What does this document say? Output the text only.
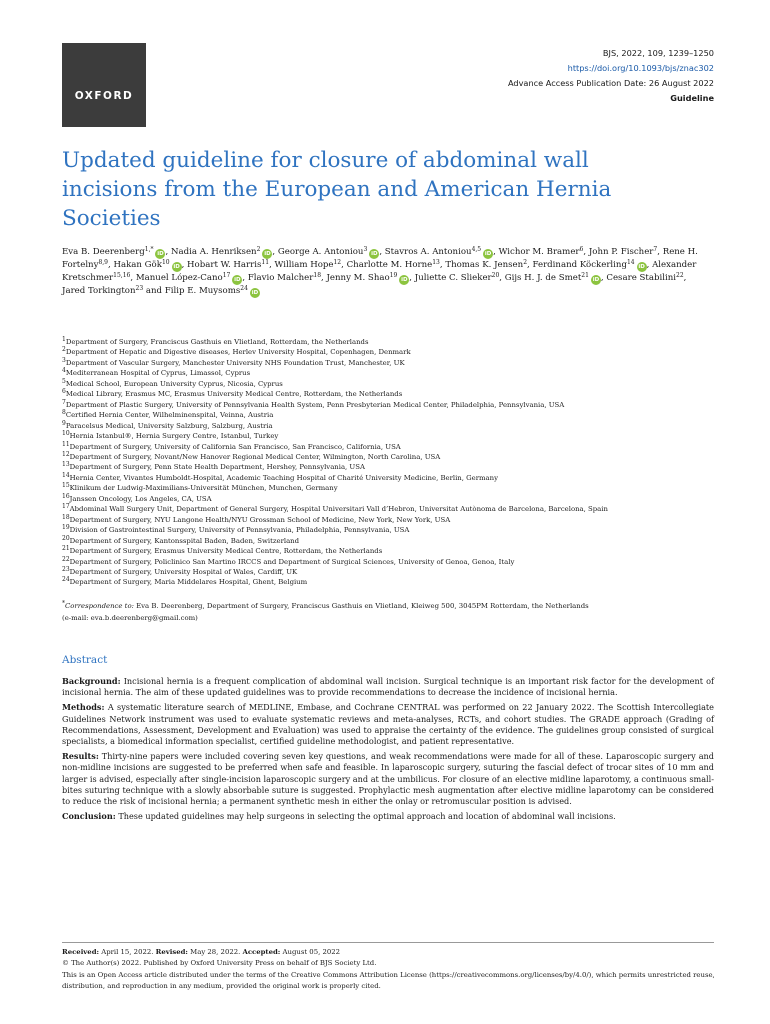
OXFORD
BJS, 2022, 109, 1239–1250
https://doi.org/10.1093/bjs/znac302
Advance Access Publication Date: 26 August 2022
Guideline
Updated guideline for closure of abdominal wall incisions from the European and American Hernia Societies
Eva B. Deerenberg$^{1,*}$iD , Nadia A. Henriksen$^2$iD , George A. Antoniou$^3$iD , Stavros A. Antoniou$^{4,5}$iD , Wichor M. Bramer$^6$, John P. Fischer$^7$, Rene H. Fortelny$^{8,9}$, Hakan Gök$^{10}$iD , Hobart W. Harris$^{11}$, William Hope$^{12}$, Charlotte M. Horne$^{13}$, Thomas K. Jensen$^2$, Ferdinand Köckerling$^{14}$iD , Alexander Kretschmer$^{15,16}$, Manuel López-Cano$^{17}$iD , Flavio Malcher$^{18}$, Jenny M. Shao$^{19}$iD , Juliette C. Slieker$^{20}$, Gijs H. J. de Smet$^{21}$iD , Cesare Stabilini$^{22}$, Jared Torkington$^{23}$ and Filip E. Muysoms$^{24}$iD
$^1$Department of Surgery, Franciscus Gasthuis en Vlietland, Rotterdam, the Netherlands
$^2$Department of Hepatic and Digestive diseases, Herlev University Hospital, Copenhagen, Denmark
$^3$Department of Vascular Surgery, Manchester University NHS Foundation Trust, Manchester, UK
$^4$Mediterranean Hospital of Cyprus, Limassol, Cyprus
$^5$Medical School, European University Cyprus, Nicosia, Cyprus
$^6$Medical Library, Erasmus MC, Erasmus University Medical Centre, Rotterdam, the Netherlands
$^7$Department of Plastic Surgery, University of Pennsylvania Health System, Penn Presbyterian Medical Center, Philadelphia, Pennsylvania, USA
$^8$Certified Hernia Center, Wilhelminenspital, Veinna, Austria
$^9$Paracelsus Medical, University Salzburg, Salzburg, Austria
$^{10}$Hernia Istanbul®, Hernia Surgery Centre, Istanbul, Turkey
$^{11}$Department of Surgery, University of California San Francisco, San Francisco, California, USA
$^{12}$Department of Surgery, Novant/New Hanover Regional Medical Center, Wilmington, North Carolina, USA
$^{13}$Department of Surgery, Penn State Health Department, Hershey, Pennsylvania, USA
$^{14}$Hernia Center, Vivantes Humboldt-Hospital, Academic Teaching Hospital of Charité University Medicine, Berlin, Germany
$^{15}$Klinikum der Ludwig-Maximilians-Universität München, Munchen, Germany
$^{16}$Janssen Oncology, Los Angeles, CA, USA
$^{17}$Abdominal Wall Surgery Unit, Department of General Surgery, Hospital Universitari Vall d’Hebron, Universitat Autònoma de Barcelona, Barcelona, Spain
$^{18}$Department of Surgery, NYU Langone Health/NYU Grossman School of Medicine, New York, New York, USA
$^{19}$Division of Gastrointestinal Surgery, University of Pennsylvania, Philadelphia, Pennsylvania, USA
$^{20}$Department of Surgery, Kantonsspital Baden, Baden, Switzerland
$^{21}$Department of Surgery, Erasmus University Medical Centre, Rotterdam, the Netherlands
$^{22}$Department of Surgery, Policlinico San Martino IRCCS and Department of Surgical Sciences, University of Genoa, Genoa, Italy
$^{23}$Department of Surgery, University Hospital of Wales, Cardiff, UK
$^{24}$Department of Surgery, Maria Middelares Hospital, Ghent, Belgium
*Correspondence to: Eva B. Deerenberg, Department of Surgery, Franciscus Gasthuis en Vlietland, Kleiweg 500, 3045PM Rotterdam, the Netherlands
(e-mail: eva.b.deerenberg@gmail.com)
Abstract

Background: Incisional hernia is a frequent complication of abdominal wall incision. Surgical technique is an important risk factor for the development of incisional hernia. The aim of these updated guidelines was to provide recommendations to decrease the incidence of incisional hernia.

Methods: A systematic literature search of MEDLINE, Embase, and Cochrane CENTRAL was performed on 22 January 2022. The Scottish Intercollegiate Guidelines Network instrument was used to evaluate systematic reviews and meta-analyses, RCTs, and cohort studies. The GRADE approach (Grading of Recommendations, Assessment, Development and Evaluation) was used to appraise the certainty of the evidence. The guidelines group consisted of surgical specialists, a biomedical information specialist, certified guideline methodologist, and patient representative.

Results: Thirty-nine papers were included covering seven key questions, and weak recommendations were made for all of these. Laparoscopic surgery and non-midline incisions are suggested to be preferred when safe and feasible. In laparoscopic surgery, suturing the fascial defect of trocar sites of 10 mm and larger is advised, especially after single-incision laparoscopic surgery and at the umbilicus. For closure of an elective midline laparotomy, a continuous small-bites suturing technique with a slowly absorbable suture is suggested. Prophylactic mesh augmentation after elective midline laparotomy can be considered to reduce the risk of incisional hernia; a permanent synthetic mesh in either the onlay or retromuscular position is advised.

Conclusion: These updated guidelines may help surgeons in selecting the optimal approach and location of abdominal wall incisions.

Received: April 15, 2022. Revised: May 28, 2022. Accepted: August 05, 2022
© The Author(s) 2022. Published by Oxford University Press on behalf of BJS Society Ltd.
This is an Open Access article distributed under the terms of the Creative Commons Attribution License (https://creativecommons.org/licenses/by/4.0/), which permits unrestricted reuse, distribution, and reproduction in any medium, provided the original work is properly cited.
